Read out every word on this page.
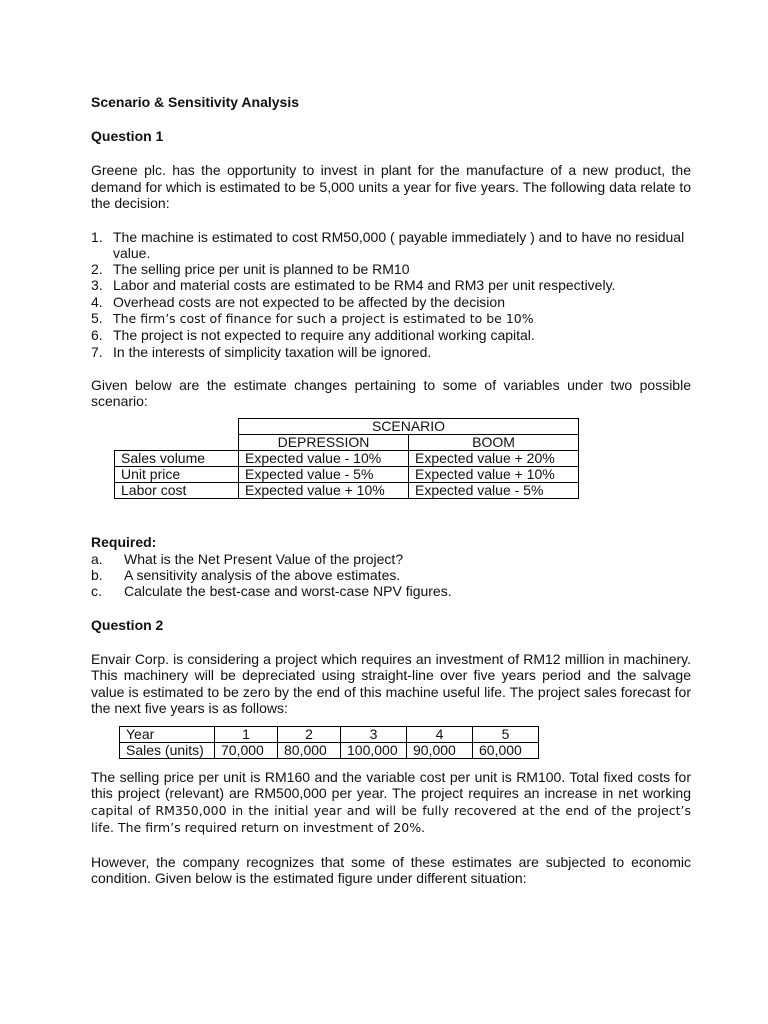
Scenario & Sensitivity Analysis
Question 1

Greene plc. has the opportunity to invest in plant for the manufacture of a new product, the demand for which is estimated to be 5,000 units a year for five years. The following data relate to the decision:

1. The machine is estimated to cost RM50,000 ( payable immediately ) and to have no residual value.
2. The selling price per unit is planned to be RM10
3. Labor and material costs are estimated to be RM4 and RM3 per unit respectively.
4. Overhead costs are not expected to be affected by the decision
5. The firm’s cost of finance for such a project is estimated to be 10%
6. The project is not expected to require any additional working capital.
7. In the interests of simplicity taxation will be ignored.

Given below are the estimate changes pertaining to some of variables under two possible scenario:

	SCENARIO	
	DEPRESSION	BOOM
Sales volume	Expected value - 10%	Expected value + 20%
Unit price	Expected value - 5%	Expected value + 10%
Labor cost	Expected value + 10%	Expected value - 5%
Required:
a. What is the Net Present Value of the project?
b. A sensitivity analysis of the above estimates.
c. Calculate the best-case and worst-case NPV figures.
Question 2

Envair Corp. is considering a project which requires an investment of RM12 million in machinery. This machinery will be depreciated using straight-line over five years period and the salvage value is estimated to be zero by the end of this machine useful life. The project sales forecast for the next five years is as follows:

Year	1	2	3	4	5
Sales (units)	70,000	80,000	100,000	90,000	60,000

The selling price per unit is RM160 and the variable cost per unit is RM100. Total fixed costs for this project (relevant) are RM500,000 per year. The project requires an increase in net working capital of RM350,000 in the initial year and will be fully recovered at the end of the project’s life. The firm’s required return on investment of 20%.

However, the company recognizes that some of these estimates are subjected to economic condition. Given below is the estimated figure under different situation:
